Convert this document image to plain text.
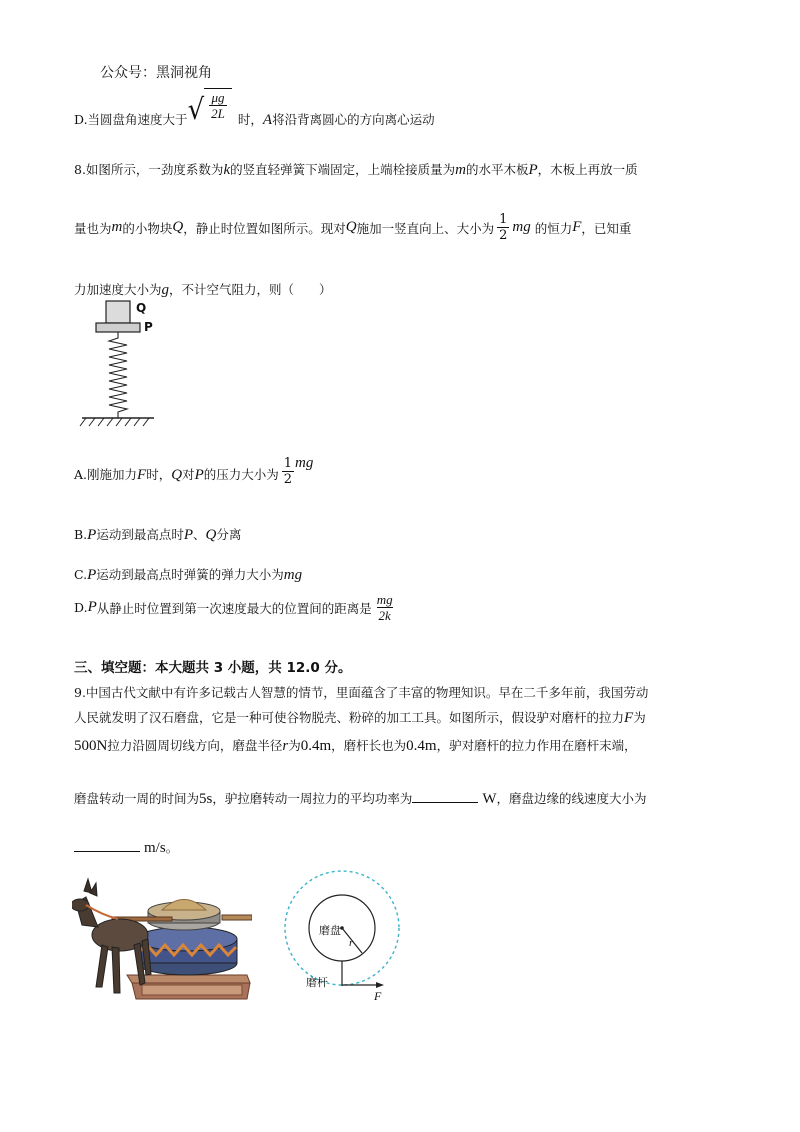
公众号：黑洞视角
D.当圆盘角速度大于 √ $\frac{\mu g}{2L}$ 时， A 将沿背离圆心的方向离心运动
8.如图所示，一劲度系数为k的竖直轻弹簧下端固定，上端栓接质量为m的水平木板P，木板上再放一质
量也为 m 的小物块 Q ，静止时位置如图所示。现对 Q 施加一竖直向上、大小为 $\frac{1}{2}$ mg 的恒力 F ，已知重
力加速度大小为g，不计空气阻力，则（　　）
Q
P
A.刚施加力 F 时， Q 对 P 的压力大小为 $\frac{1}{2}$ mg
B.P运动到最高点时P、Q分离
C.P运动到最高点时弹簧的弹力大小为mg
D. P 从静止时位置到第一次速度最大的位置间的距离是 $\frac{mg}{2k}$
三、填空题：本大题共 3 小题，共 12.0 分。
9.中国古代文献中有许多记载古人智慧的情节，里面蕴含了丰富的物理知识。早在二千多年前，我国劳动
人民就发明了汉石磨盘，它是一种可使谷物脱壳、粉碎的加工工具。如图所示，假设驴对磨杆的拉力F为
500N拉力沿圆周切线方向，磨盘半径r为0.4m，磨杆长也为0.4m，驴对磨杆的拉力作用在磨杆末端，
磨盘转动一周的时间为5s，驴拉磨转动一周拉力的平均功率为	W，磨盘边缘的线速度大小为
m/s。
磨盘
r
磨杆
F
